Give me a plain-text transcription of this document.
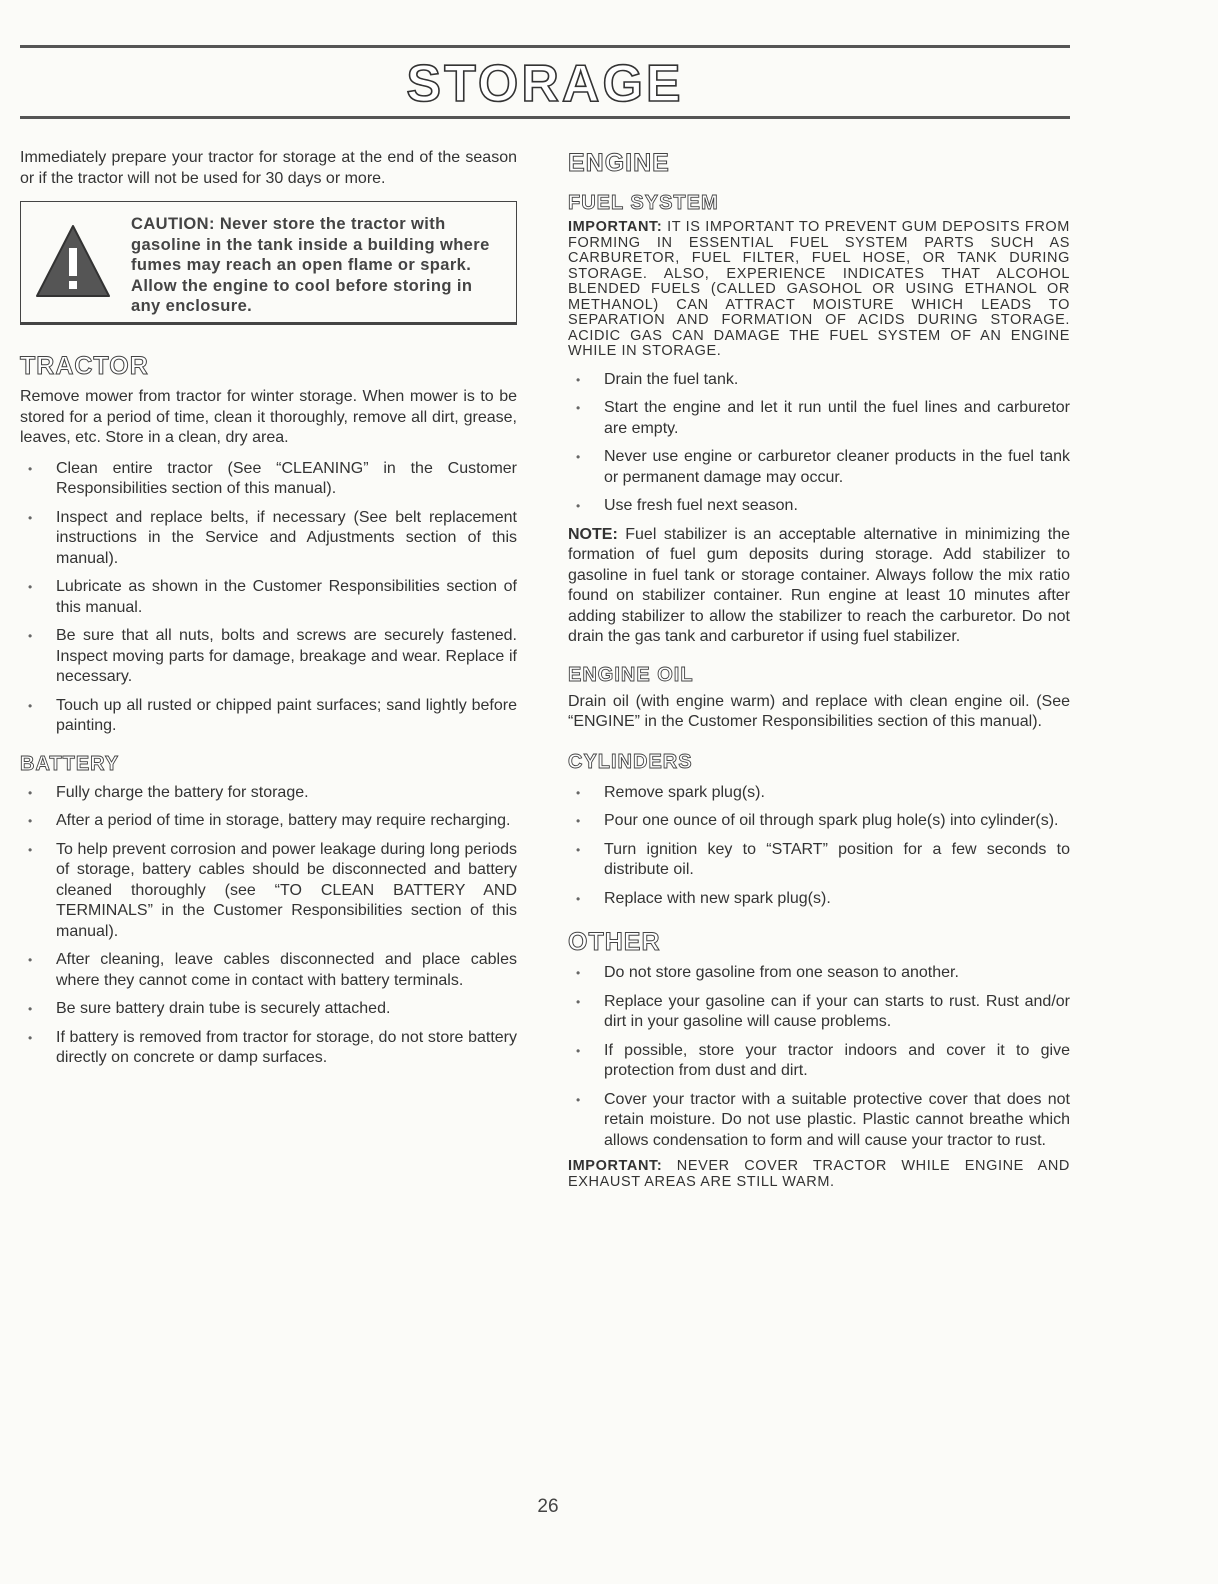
STORAGE

Immediately prepare your tractor for storage at the end of the season or if the tractor will not be used for 30 days or more.

CAUTION: Never store the tractor with gasoline in the tank inside a building where fumes may reach an open flame or spark. Allow the engine to cool before storing in any enclosure.
TRACTOR

Remove mower from tractor for winter storage. When mower is to be stored for a period of time, clean it thoroughly, remove all dirt, grease, leaves, etc. Store in a clean, dry area.

• Clean entire tractor (See “CLEANING” in the Customer Responsibilities section of this manual).
• Inspect and replace belts, if necessary (See belt replacement instructions in the Service and Adjustments section of this manual).
• Lubricate as shown in the Customer Responsibilities section of this manual.
• Be sure that all nuts, bolts and screws are securely fastened. Inspect moving parts for damage, breakage and wear. Replace if necessary.
• Touch up all rusted or chipped paint surfaces; sand lightly before painting.
BATTERY
• Fully charge the battery for storage.
• After a period of time in storage, battery may require recharging.
• To help prevent corrosion and power leakage during long periods of storage, battery cables should be disconnected and battery cleaned thoroughly (see “TO CLEAN BATTERY AND TERMINALS” in the Customer Responsibilities section of this manual).
• After cleaning, leave cables disconnected and place cables where they cannot come in contact with battery terminals.
• Be sure battery drain tube is securely attached.
• If battery is removed from tractor for storage, do not store battery directly on concrete or damp surfaces.
ENGINE
FUEL SYSTEM

IMPORTANT: IT IS IMPORTANT TO PREVENT GUM DEPOSITS FROM FORMING IN ESSENTIAL FUEL SYSTEM PARTS SUCH AS CARBURETOR, FUEL FILTER, FUEL HOSE, OR TANK DURING STORAGE. ALSO, EXPERIENCE INDICATES THAT ALCOHOL BLENDED FUELS (CALLED GASOHOL OR USING ETHANOL OR METHANOL) CAN ATTRACT MOISTURE WHICH LEADS TO SEPARATION AND FORMATION OF ACIDS DURING STORAGE. ACIDIC GAS CAN DAMAGE THE FUEL SYSTEM OF AN ENGINE WHILE IN STORAGE.

• Drain the fuel tank.
• Start the engine and let it run until the fuel lines and carburetor are empty.
• Never use engine or carburetor cleaner products in the fuel tank or permanent damage may occur.
• Use fresh fuel next season.

NOTE: Fuel stabilizer is an acceptable alternative in minimizing the formation of fuel gum deposits during storage. Add stabilizer to gasoline in fuel tank or storage container. Always follow the mix ratio found on stabilizer container. Run engine at least 10 minutes after adding stabilizer to allow the stabilizer to reach the carburetor. Do not drain the gas tank and carburetor if using fuel stabilizer.

ENGINE OIL

Drain oil (with engine warm) and replace with clean engine oil. (See “ENGINE” in the Customer Responsibilities section of this manual).

CYLINDERS
• Remove spark plug(s).
• Pour one ounce of oil through spark plug hole(s) into cylinder(s).
• Turn ignition key to “START” position for a few seconds to distribute oil.
• Replace with new spark plug(s).
OTHER
• Do not store gasoline from one season to another.
• Replace your gasoline can if your can starts to rust. Rust and/or dirt in your gasoline will cause problems.
• If possible, store your tractor indoors and cover it to give protection from dust and dirt.
• Cover your tractor with a suitable protective cover that does not retain moisture. Do not use plastic. Plastic cannot breathe which allows condensation to form and will cause your tractor to rust.

IMPORTANT: NEVER COVER TRACTOR WHILE ENGINE AND EXHAUST AREAS ARE STILL WARM.

26
